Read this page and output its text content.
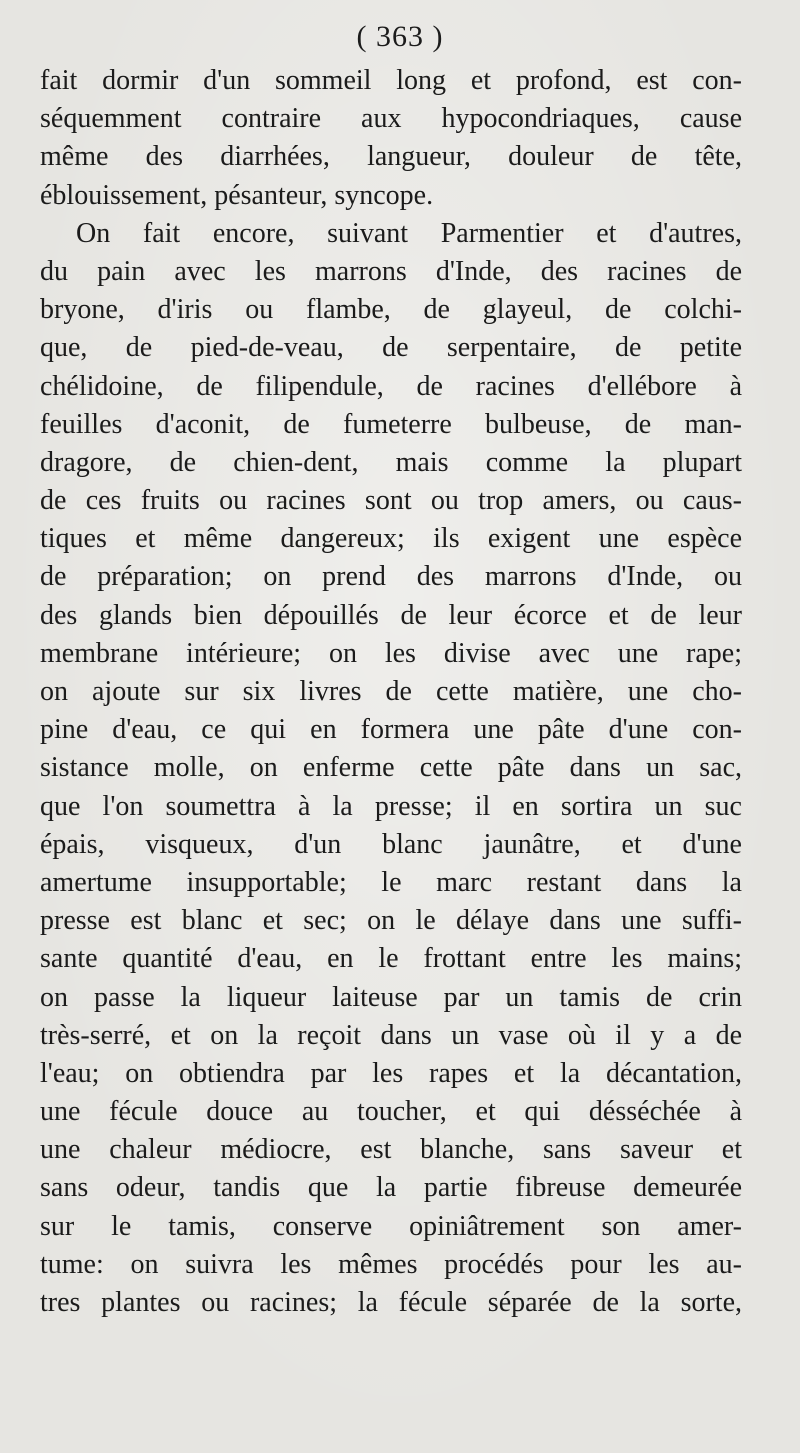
( 363 )
fait dormir d'un sommeil long et profond, est con-
séquemment contraire aux hypocondriaques, cause
même des diarrhées, langueur, douleur de tête,
éblouissement, pésanteur, syncope.
On fait encore, suivant Parmentier et d'autres,
du pain avec les marrons d'Inde, des racines de
bryone, d'iris ou flambe, de glayeul, de colchi-
que, de pied-de-veau, de serpentaire, de petite
chélidoine, de filipendule, de racines d'ellébore à
feuilles d'aconit, de fumeterre bulbeuse, de man-
dragore, de chien-dent, mais comme la plupart
de ces fruits ou racines sont ou trop amers, ou caus-
tiques et même dangereux; ils exigent une espèce
de préparation; on prend des marrons d'Inde, ou
des glands bien dépouillés de leur écorce et de leur
membrane intérieure; on les divise avec une rape;
on ajoute sur six livres de cette matière, une cho-
pine d'eau, ce qui en formera une pâte d'une con-
sistance molle, on enferme cette pâte dans un sac,
que l'on soumettra à la presse; il en sortira un suc
épais, visqueux, d'un blanc jaunâtre, et d'une
amertume insupportable; le marc restant dans la
presse est blanc et sec; on le délaye dans une suffi-
sante quantité d'eau, en le frottant entre les mains;
on passe la liqueur laiteuse par un tamis de crin
très-serré, et on la reçoit dans un vase où il y a de
l'eau; on obtiendra par les rapes et la décantation,
une fécule douce au toucher, et qui désséchée à
une chaleur médiocre, est blanche, sans saveur et
sans odeur, tandis que la partie fibreuse demeurée
sur le tamis, conserve opiniâtrement son amer-
tume: on suivra les mêmes procédés pour les au-
tres plantes ou racines; la fécule séparée de la sorte,
